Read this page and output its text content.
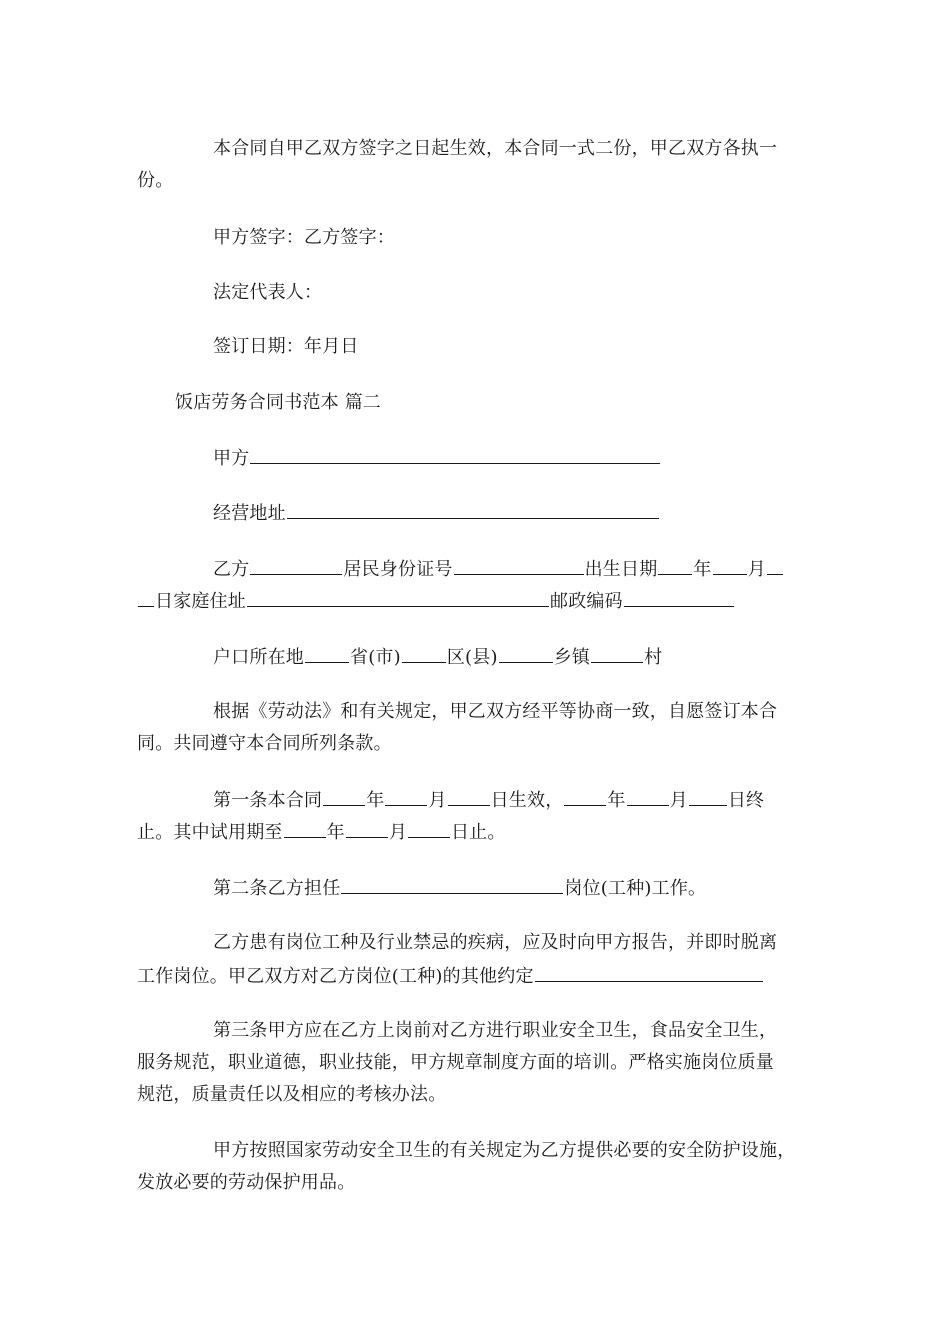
本合同自甲乙双方签字之日起生效，本合同一式二份，甲乙双方各执一
份。
甲方签字：乙方签字：
法定代表人：
签订日期：年月日
饭店劳务合同书范本 篇二
甲方
经营地址
乙方	居民身份证号	出生日期 年 月
日家庭住址	邮政编码
户口所在地	省(市)	区(县)	乡镇	村
根据《劳动法》和有关规定，甲乙双方经平等协商一致，自愿签订本合
同。共同遵守本合同所列条款。
第一条本合同 年 月 日生效， 年 月 日终
止。其中试用期至 年 月 日止。
第二条乙方担任	岗位(工种)工作。
乙方患有岗位工种及行业禁忌的疾病，应及时向甲方报告，并即时脱离
工作岗位。甲乙双方对乙方岗位(工种)的其他约定
第三条甲方应在乙方上岗前对乙方进行职业安全卫生，食品安全卫生，
服务规范，职业道德，职业技能，甲方规章制度方面的培训。严格实施岗位质量
规范，质量责任以及相应的考核办法。
甲方按照国家劳动安全卫生的有关规定为乙方提供必要的安全防护设施，
发放必要的劳动保护用品。
